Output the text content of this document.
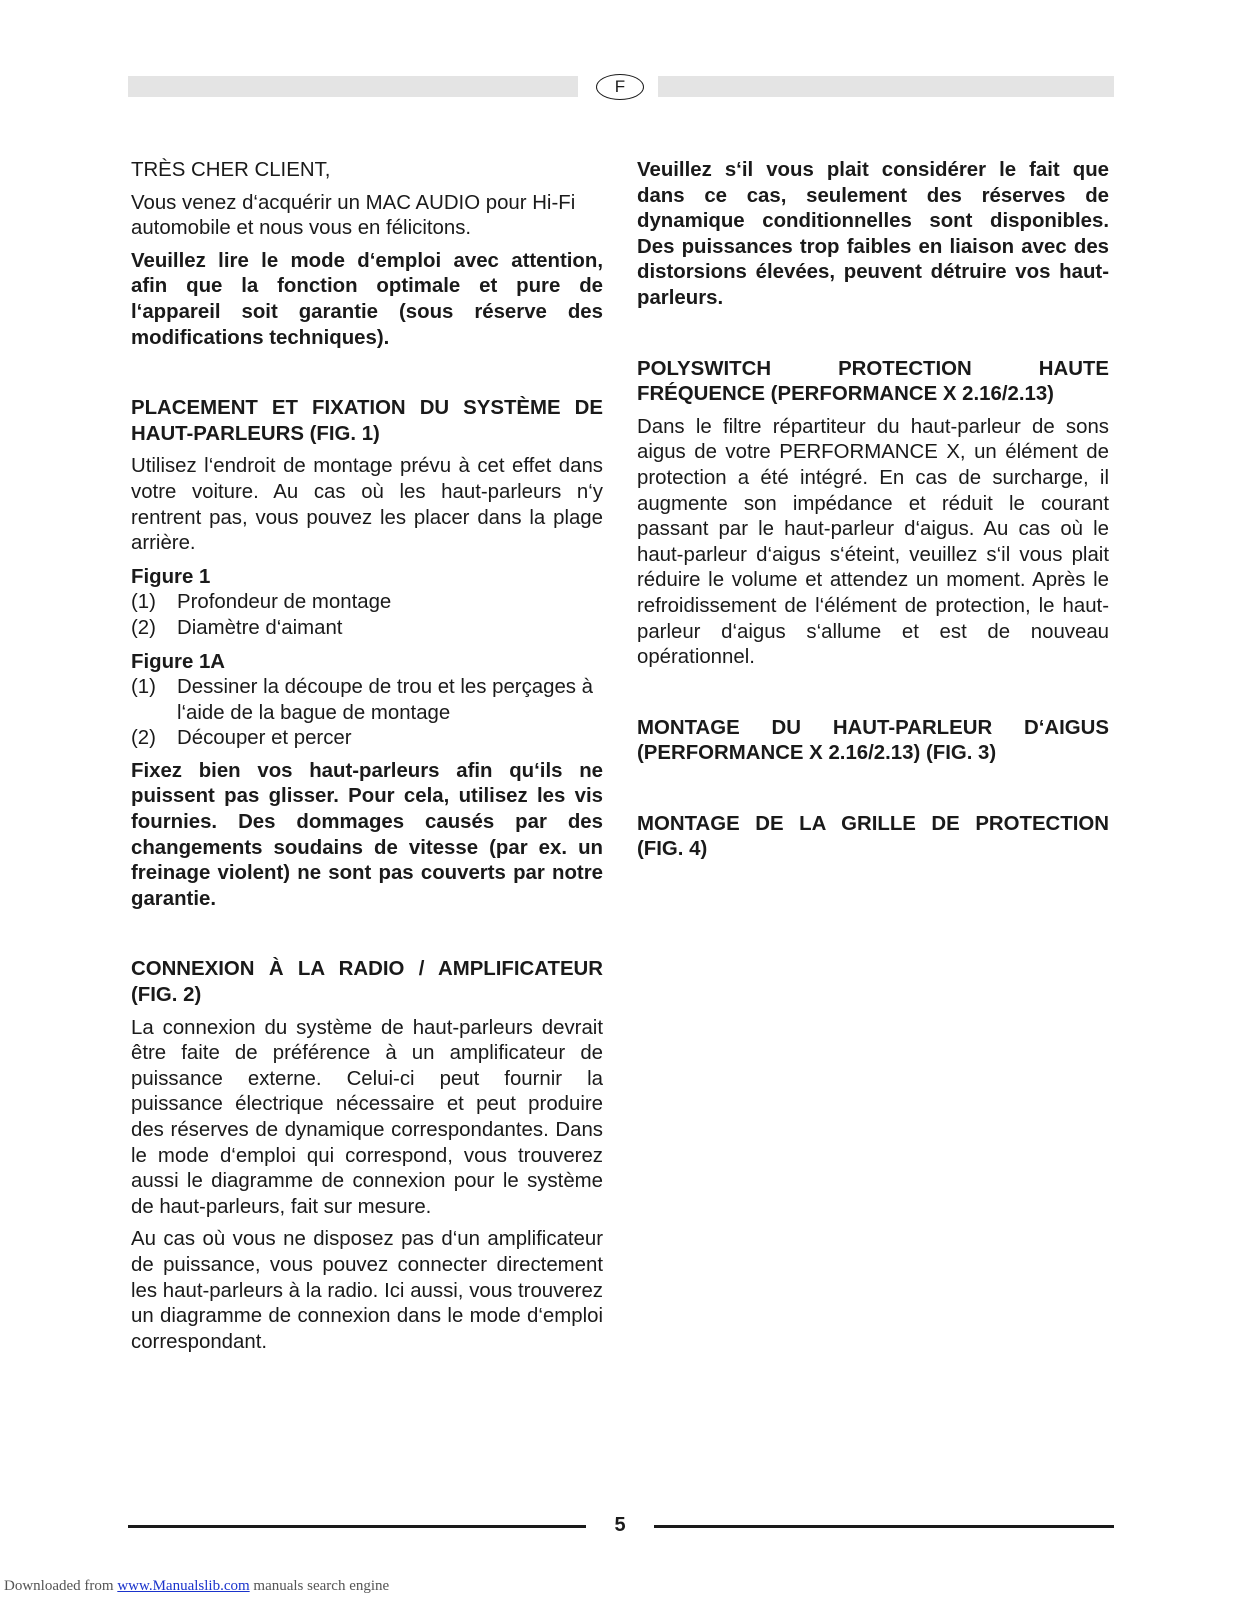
F

TRÈS CHER CLIENT,

Vous venez d‘acquérir un MAC AUDIO pour Hi-Fi automobile et nous vous en félicitons.

Veuillez lire le mode d‘emploi avec attention, afin que la fonction optimale et pure de l‘appareil soit garantie (sous réserve des modifications techniques).

PLACEMENT ET FIXATION DU SYSTÈME DE HAUT-PARLEURS (FIG. 1)

Utilisez l‘endroit de montage prévu à cet effet dans votre voiture. Au cas où les haut-parleurs n‘y rentrent pas, vous pouvez les placer dans la plage arrière.

Figure 1
(1)	Profondeur de montage
(2)	Diamètre d‘aimant
Figure 1A
(1)	Dessiner la découpe de trou et les perçages à l‘aide de la bague de montage
(2)	Découper et percer

Fixez bien vos haut-parleurs afin qu‘ils ne puissent pas glisser. Pour cela, utilisez les vis fournies. Des dommages causés par des changements soudains de vitesse (par ex. un freinage violent) ne sont pas couverts par notre garantie.

CONNEXION À LA RADIO / AMPLIFICATEUR (FIG. 2)

La connexion du système de haut-parleurs devrait être faite de préférence à un amplificateur de puissance externe. Celui-ci peut fournir la puissance électrique nécessaire et peut produire des réserves de dynamique correspondantes. Dans le mode d‘emploi qui correspond, vous trouverez aussi le diagramme de connexion pour le système de haut-parleurs, fait sur mesure.

Au cas où vous ne disposez pas d‘un amplificateur de puissance, vous pouvez connecter directement les haut-parleurs à la radio. Ici aussi, vous trouverez un diagramme de connexion dans le mode d‘emploi correspondant.

Veuillez s‘il vous plait considérer le fait que dans ce cas, seulement des réserves de dynamique conditionnelles sont disponibles. Des puissances trop faibles en liaison avec des distorsions élevées, peuvent détruire vos haut-parleurs.

POLYSWITCH PROTECTION HAUTE FRÉQUENCE (PERFORMANCE X 2.16/2.13)

Dans le filtre répartiteur du haut-parleur de sons aigus de votre PERFORMANCE X, un élément de protection a été intégré. En cas de surcharge, il augmente son impédance et réduit le courant passant par le haut-parleur d‘aigus. Au cas où le haut-parleur d‘aigus s‘éteint, veuillez s‘il vous plait réduire le volume et attendez un moment. Après le refroidissement de l‘élément de protection, le haut-parleur d‘aigus s‘allume et est de nouveau opérationnel.

MONTAGE DU HAUT-PARLEUR D‘AIGUS (PERFORMANCE X 2.16/2.13) (FIG. 3)
MONTAGE DE LA GRILLE DE PROTECTION (FIG. 4)
5
Downloaded from www.Manualslib.com manuals search engine
